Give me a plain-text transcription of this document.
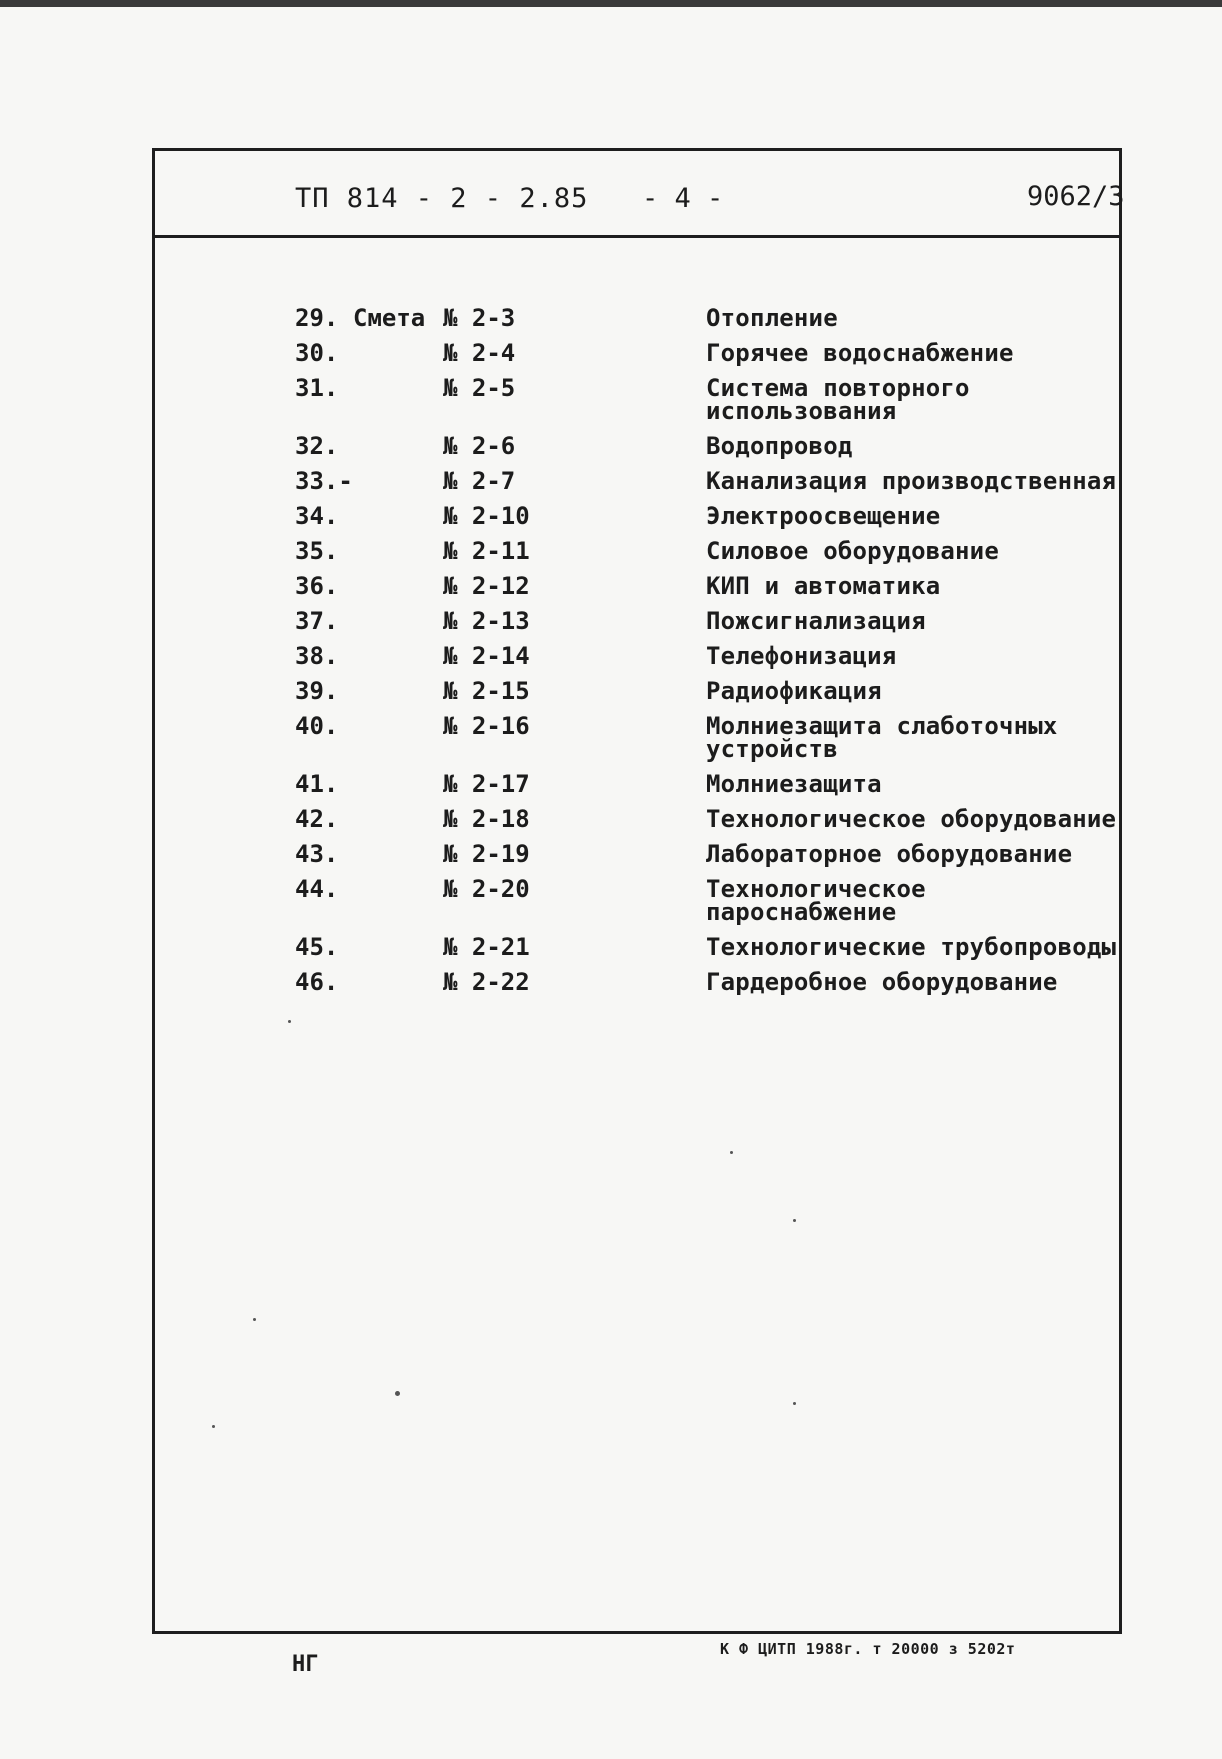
ТП 814 - 2 - 2.85 - 4 -	9062/3
29. Смета № 2-3	Отопление
30.	№ 2-4	Горячее водоснабжение
31.	№ 2-5	Система повторного использования
32.	№ 2-6	Водопровод
33.-	№ 2-7	Канализация производственная
34.	№ 2-10	Электроосвещение
35.	№ 2-11	Силовое оборудование
36.	№ 2-12	КИП и автоматика
37.	№ 2-13	Пожсигнализация
38.	№ 2-14	Телефонизация
39.	№ 2-15	Радиофикация
40.	№ 2-16	Молниезащита слаботочных устройств
41.	№ 2-17	Молниезащита
42.	№ 2-18	Технологическое оборудование
43.	№ 2-19	Лабораторное оборудование
44.	№ 2-20	Технологическое пароснабжение
45.	№ 2-21	Технологические трубопроводы
46.	№ 2-22	Гардеробное оборудование
НГ
К Ф ЦИТП 1988г. т 20000 з 5202т
